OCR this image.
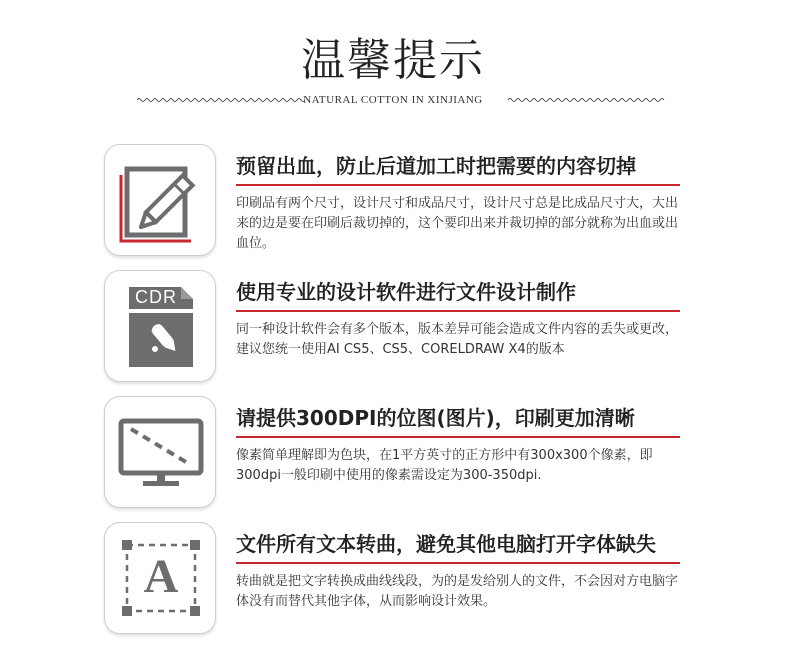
温馨提示
NATURAL COTTON IN XINJIANG
预留出血，防止后道加工时把需要的内容切掉
印刷品有两个尺寸，设计尺寸和成品尺寸，设计尺寸总是比成品尺寸大，大出来的边是要在印刷后裁切掉的，这个要印出来并裁切掉的部分就称为出血或出血位。
CDR	使用专业的设计软件进行文件设计制作
同一种设计软件会有多个版本，版本差异可能会造成文件内容的丢失或更改，建议您统一使用AI CS5、CS5、CORELDRAW X4的版本
请提供300DPI的位图(图片)，印刷更加清晰
像素简单理解即为色块，在1平方英寸的正方形中有300x300个像素，即300dpi一般印刷中使用的像素需设定为300-350dpi.
A
文件所有文本转曲，避免其他电脑打开字体缺失
转曲就是把文字转换成曲线线段，为的是发给别人的文件，不会因对方电脑字体没有而替代其他字体，从而影响设计效果。
